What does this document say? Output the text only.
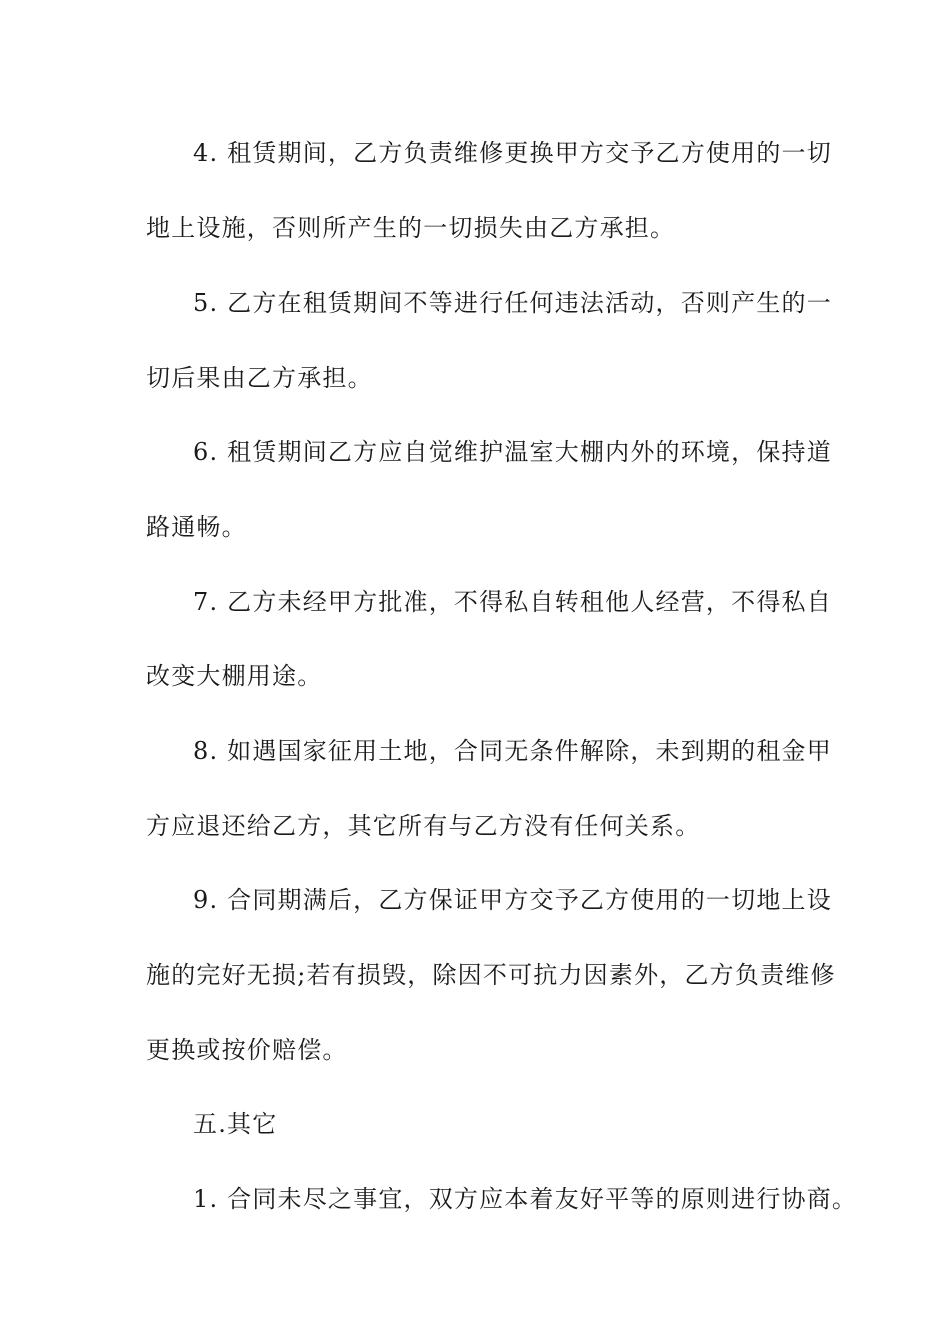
4. 租赁期间，乙方负责维修更换甲方交予乙方使用的一切

地上设施，否则所产生的一切损失由乙方承担。

5. 乙方在租赁期间不等进行任何违法活动，否则产生的一

切后果由乙方承担。

6. 租赁期间乙方应自觉维护温室大棚内外的环境，保持道

路通畅。

7. 乙方未经甲方批准，不得私自转租他人经营，不得私自

改变大棚用途。

8. 如遇国家征用土地，合同无条件解除，未到期的租金甲

方应退还给乙方，其它所有与乙方没有任何关系。

9. 合同期满后，乙方保证甲方交予乙方使用的一切地上设

施的完好无损;若有损毁，除因不可抗力因素外，乙方负责维修

更换或按价赔偿。

五.其它

1. 合同未尽之事宜，双方应本着友好平等的原则进行协商。
